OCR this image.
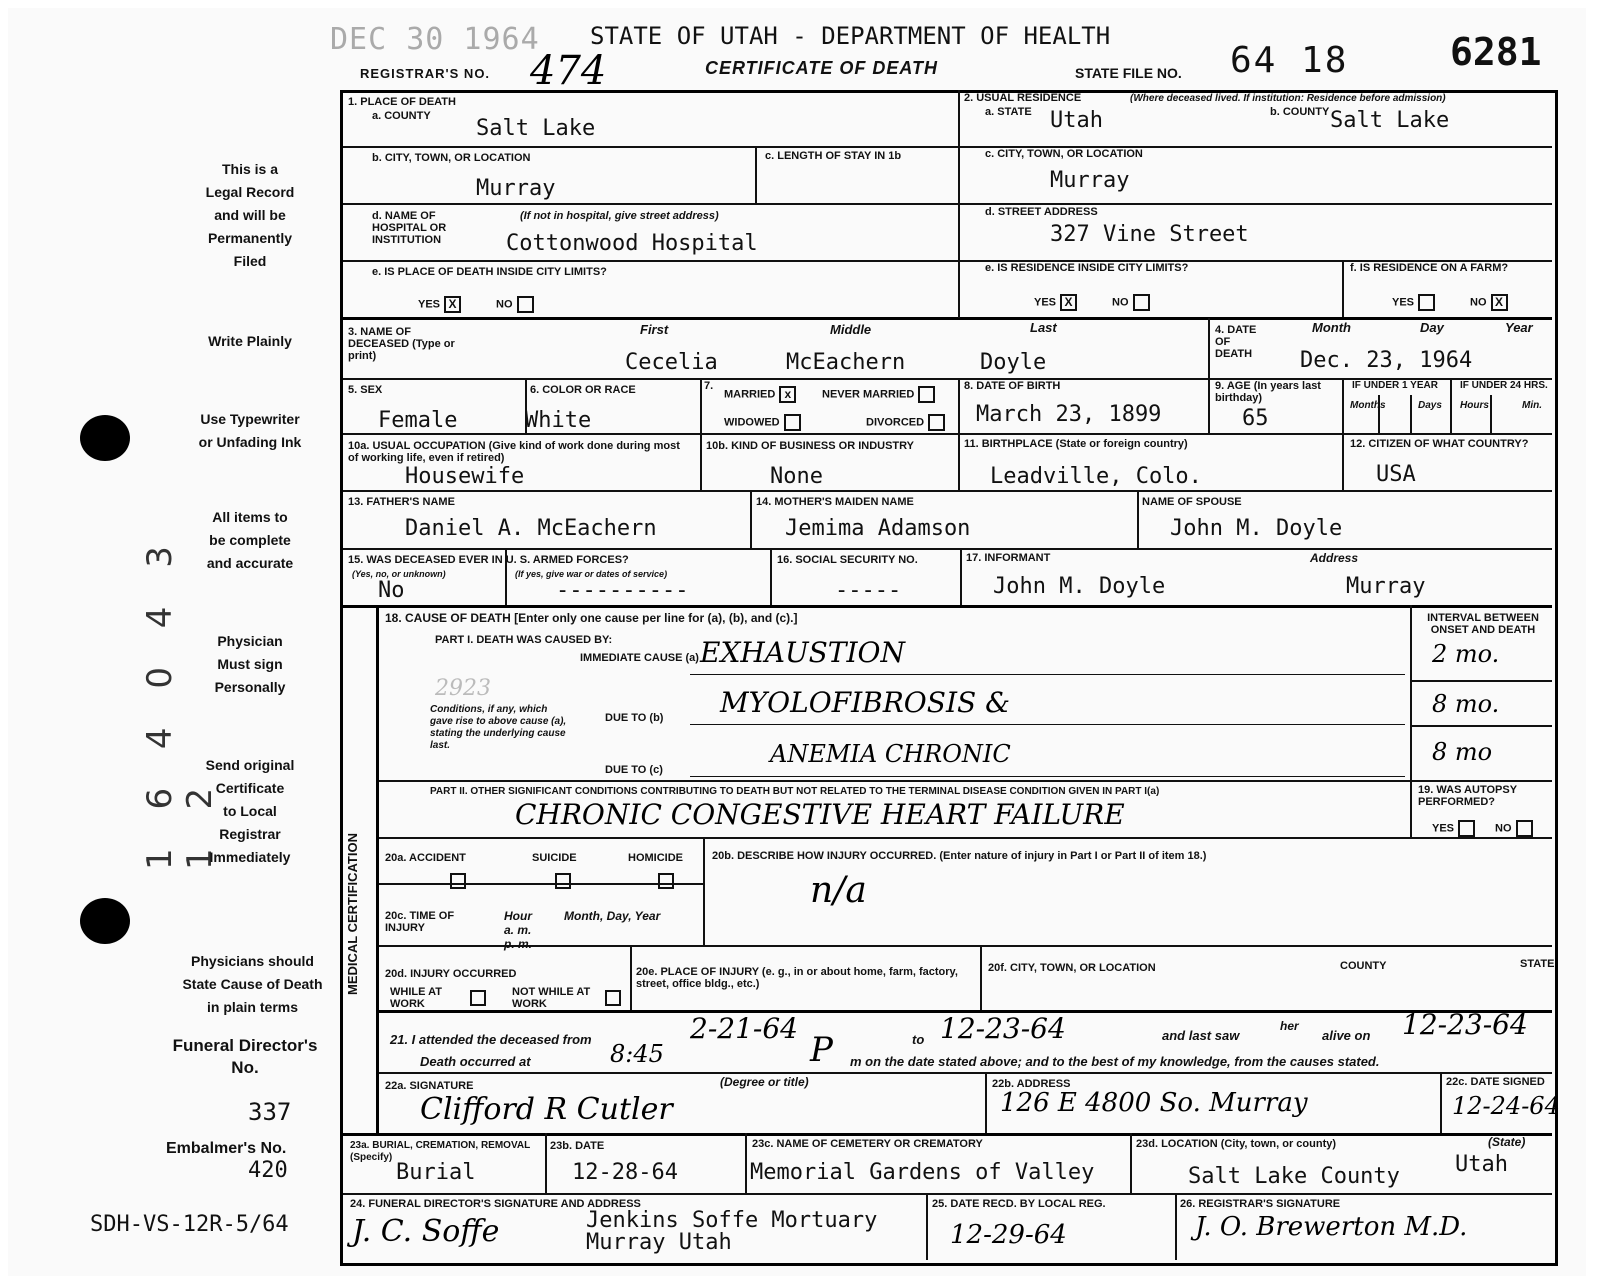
DEC 30 1964 STATE OF UTAH - DEPARTMENT OF HEALTH
REGISTRAR'S NO. 474	CERTIFICATE OF DEATH	STATE FILE NO. 64 18	6281
This is a
Legal Record
and will be
Permanently
Filed
Write Plainly
Use Typewriter
or Unfading Ink
1 6 4 0 4 3 1 2
All items to
be complete
and accurate
Physician
Must sign
Personally
Send original
Certificate
to Local
Registrar
Immediately
Physicians should
State Cause of Death
in plain terms
Funeral Director's No.
337
Embalmer's No.
420
SDH-VS-12R-5/64
1. PLACE OF DEATH
a. COUNTY Salt Lake
2. USUAL RESIDENCE	(Where deceased lived. If institution: Residence before admission)
a. STATE Utah	b. COUNTY Salt Lake
b. CITY, TOWN, OR LOCATION
Murray
c. LENGTH OF STAY IN 1b	c. CITY, TOWN, OR LOCATION
Murray
d. NAME OF HOSPITAL OR INSTITUTION
(If not in hospital, give street address)
Cottonwood Hospital
d. STREET ADDRESS
327 Vine Street
e. IS PLACE OF DEATH INSIDE CITY LIMITS?
YES X	NO
e. IS RESIDENCE INSIDE CITY LIMITS?
YES X	NO
f. IS RESIDENCE ON A FARM?
YES	NO X
3. NAME OF DECEASED (Type or print)
First	Middle	Last
Cecelia	McEachern	Doyle
4. DATE OF DEATH
Month	Day	Year
Dec. 23, 1964
5. SEX
Female
6. COLOR OR RACE
White
7.
MARRIED x	NEVER MARRIED
WIDOWED	DIVORCED
8. DATE OF BIRTH
March 23, 1899
9. AGE (In years last birthday)
65
IF UNDER 1 YEAR IF UNDER 24 HRS.
Months	Days Hours	Min.
10a. USUAL OCCUPATION (Give kind of work done during most of working life, even if retired)
Housewife
10b. KIND OF BUSINESS OR INDUSTRY
None
11. BIRTHPLACE (State or foreign country)
Leadville, Colo.
12. CITIZEN OF WHAT COUNTRY?
USA
13. FATHER'S NAME
Daniel A. McEachern
14. MOTHER'S MAIDEN NAME
Jemima Adamson
NAME OF SPOUSE
John M. Doyle
15. WAS DECEASED EVER IN U. S. ARMED FORCES?
(Yes, no, or unknown)	(If yes, give war or dates of service)
No	----------
16. SOCIAL SECURITY NO.
-----
17. INFORMANT	Address
John M. Doyle	Murray
MEDICAL CERTIFICATION
18. CAUSE OF DEATH [Enter only one cause per line for (a), (b), and (c).]
PART I. DEATH WAS CAUSED BY:
IMMEDIATE CAUSE (a) EXHAUSTION
2923
Conditions, if any, which gave rise to above cause (a), stating the underlying cause last.
DUE TO (b) MYOLOFIBROSIS &
DUE TO (c)
ANEMIA CHRONIC
INTERVAL BETWEEN ONSET AND DEATH
2 mo.
8 mo.
8 mo
PART II. OTHER SIGNIFICANT CONDITIONS CONTRIBUTING TO DEATH BUT NOT RELATED TO THE TERMINAL DISEASE CONDITION GIVEN IN PART I(a)
CHRONIC CONGESTIVE HEART FAILURE
19. WAS AUTOPSY PERFORMED?
YES	NO
20a. ACCIDENT	SUICIDE	HOMICIDE	20b. DESCRIBE HOW INJURY OCCURRED. (Enter nature of injury in Part I or Part II of item 18.)
n/a
20c. TIME OF INJURY
Hour
a. m.
p. m.
Month, Day, Year
20d. INJURY OCCURRED
WHILE AT WORK
NOT WHILE AT WORK
20e. PLACE OF INJURY (e. g., in or about home, farm, factory, street, office bldg., etc.)
20f. CITY, TOWN, OR LOCATION	COUNTY	STATE
21. I attended the deceased from	2-21-64	to 12-23-64	and last saw
her
alive on 12-23-64
Death occurred at	8:45	P m on the date stated above; and to the best of my knowledge, from the causes stated.
22a. SIGNATURE	(Degree or title)
Clifford R Cutler
22b. ADDRESS
126 E 4800 So. Murray
22c. DATE SIGNED
12-24-64
23a. BURIAL, CREMATION, REMOVAL (Specify)
Burial
23b. DATE
12-28-64
23c. NAME OF CEMETERY OR CREMATORY
Memorial Gardens of Valley
23d. LOCATION (City, town, or county)	(State)
Salt Lake County	Utah
24. FUNERAL DIRECTOR'S SIGNATURE AND ADDRESS
J. C. Soffe	Jenkins Soffe Mortuary
Murray Utah
25. DATE RECD. BY LOCAL REG.
12-29-64
26. REGISTRAR'S SIGNATURE
J. O. Brewerton M.D.
